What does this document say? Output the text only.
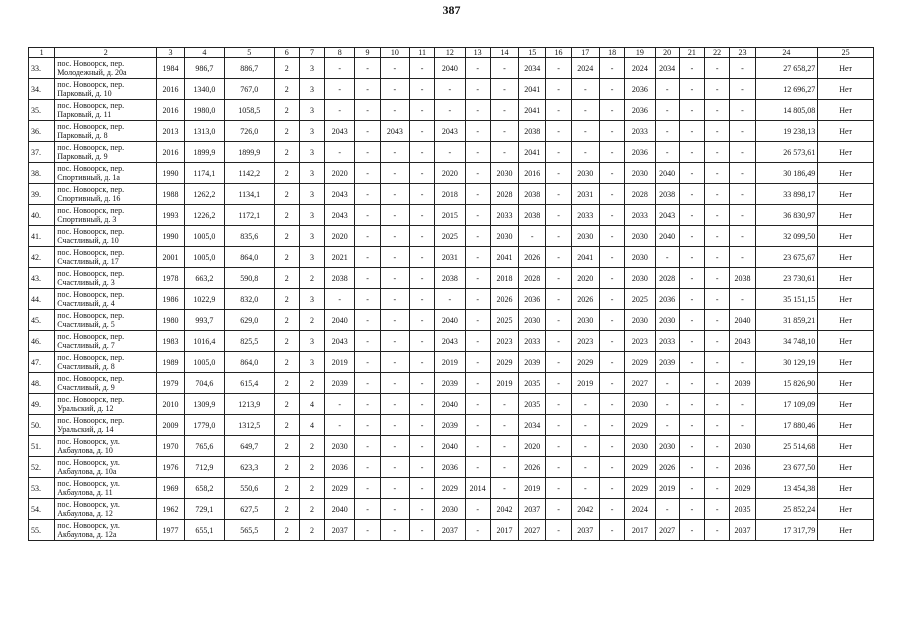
387
1	2	3	4	5	6	7	8	9	10	11	12	13	14	15	16	17	18	19	20	21	22	23	24	25
33.	пос. Новоорск, пер. Молодежный, д. 20а	1984	986,7	886,7	2	3	-	-	-	-	2040	-	-	2034	-	2024	-	2024	2034	-	-	-	27 658,27	Нет
34.	пос. Новоорск, пер. Парковый, д. 10	2016	1340,0	767,0	2	3	-	-	-	-	-	-	-	2041	-	-	-	2036	-	-	-	-	12 696,27	Нет
35.	пос. Новоорск, пер. Парковый, д. 11	2016	1980,0	1058,5	2	3	-	-	-	-	-	-	-	2041	-	-	-	2036	-	-	-	-	14 805,08	Нет
36.	пос. Новоорск, пер. Парковый, д. 8	2013	1313,0	726,0	2	3	2043	-	2043	-	2043	-	-	2038	-	-	-	2033	-	-	-	-	19 238,13	Нет
37.	пос. Новоорск, пер. Парковый, д. 9	2016	1899,9	1899,9	2	3	-	-	-	-	-	-	-	2041	-	-	-	2036	-	-	-	-	26 573,61	Нет
38.	пос. Новоорск, пер. Спортивный, д. 1а	1990	1174,1	1142,2	2	3	2020	-	-	-	2020	-	2030	2016	-	2030	-	2030	2040	-	-	-	30 186,49	Нет
39.	пос. Новоорск, пер. Спортивный, д. 16	1988	1262,2	1134,1	2	3	2043	-	-	-	2018	-	2028	2038	-	2031	-	2028	2038	-	-	-	33 898,17	Нет
40.	пос. Новоорск, пер. Спортивный, д. 3	1993	1226,2	1172,1	2	3	2043	-	-	-	2015	-	2033	2038	-	2033	-	2033	2043	-	-	-	36 830,97	Нет
41.	пос. Новоорск, пер. Счастливый, д. 10	1990	1005,0	835,6	2	3	2020	-	-	-	2025	-	2030	-	-	2030	-	2030	2040	-	-	-	32 099,50	Нет
42.	пос. Новоорск, пер. Счастливый, д. 17	2001	1005,0	864,0	2	3	2021	-	-	-	2031	-	2041	2026	-	2041	-	2030	-	-	-	-	23 675,67	Нет
43.	пос. Новоорск, пер. Счастливый, д. 3	1978	663,2	590,8	2	2	2038	-	-	-	2038	-	2018	2028	-	2020	-	2030	2028	-	-	2038	23 730,61	Нет
44.	пос. Новоорск, пер. Счастливый, д. 4	1986	1022,9	832,0	2	3	-	-	-	-	-	-	2026	2036	-	2026	-	2025	2036	-	-	-	35 151,15	Нет
45.	пос. Новоорск, пер. Счастливый, д. 5	1980	993,7	629,0	2	2	2040	-	-	-	2040	-	2025	2030	-	2030	-	2030	2030	-	-	2040	31 859,21	Нет
46.	пос. Новоорск, пер. Счастливый, д. 7	1983	1016,4	825,5	2	3	2043	-	-	-	2043	-	2023	2033	-	2023	-	2023	2033	-	-	2043	34 748,10	Нет
47.	пос. Новоорск, пер. Счастливый, д. 8	1989	1005,0	864,0	2	3	2019	-	-	-	2019	-	2029	2039	-	2029	-	2029	2039	-	-	-	30 129,19	Нет
48.	пос. Новоорск, пер. Счастливый, д. 9	1979	704,6	615,4	2	2	2039	-	-	-	2039	-	2019	2035	-	2019	-	2027	-	-	-	2039	15 826,90	Нет
49.	пос. Новоорск, пер. Уральский, д. 12	2010	1309,9	1213,9	2	4	-	-	-	-	2040	-	-	2035	-	-	-	2030	-	-	-	-	17 109,09	Нет
50.	пос. Новоорск, пер. Уральский, д. 14	2009	1779,0	1312,5	2	4	-	-	-	-	2039	-	-	2034	-	-	-	2029	-	-	-	-	17 880,46	Нет
51.	пос. Новоорск, ул. Акбаулова, д. 10	1970	765,6	649,7	2	2	2030	-	-	-	2040	-	-	2020	-	-	-	2030	2030	-	-	2030	25 514,68	Нет
52.	пос. Новоорск, ул. Акбаулова, д. 10а	1976	712,9	623,3	2	2	2036	-	-	-	2036	-	-	2026	-	-	-	2029	2026	-	-	2036	23 677,50	Нет
53.	пос. Новоорск, ул. Акбаулова, д. 11	1969	658,2	550,6	2	2	2029	-	-	-	2029	2014	-	2019	-	-	-	2029	2019	-	-	2029	13 454,38	Нет
54.	пос. Новоорск, ул. Акбаулова, д. 12	1962	729,1	627,5	2	2	2040	-	-	-	2030	-	2042	2037	-	2042	-	2024	-	-	-	2035	25 852,24	Нет
55.	пос. Новоорск, ул. Акбаулова, д. 12а	1977	655,1	565,5	2	2	2037	-	-	-	2037	-	2017	2027	-	2037	-	2017	2027	-	-	2037	17 317,79	Нет
